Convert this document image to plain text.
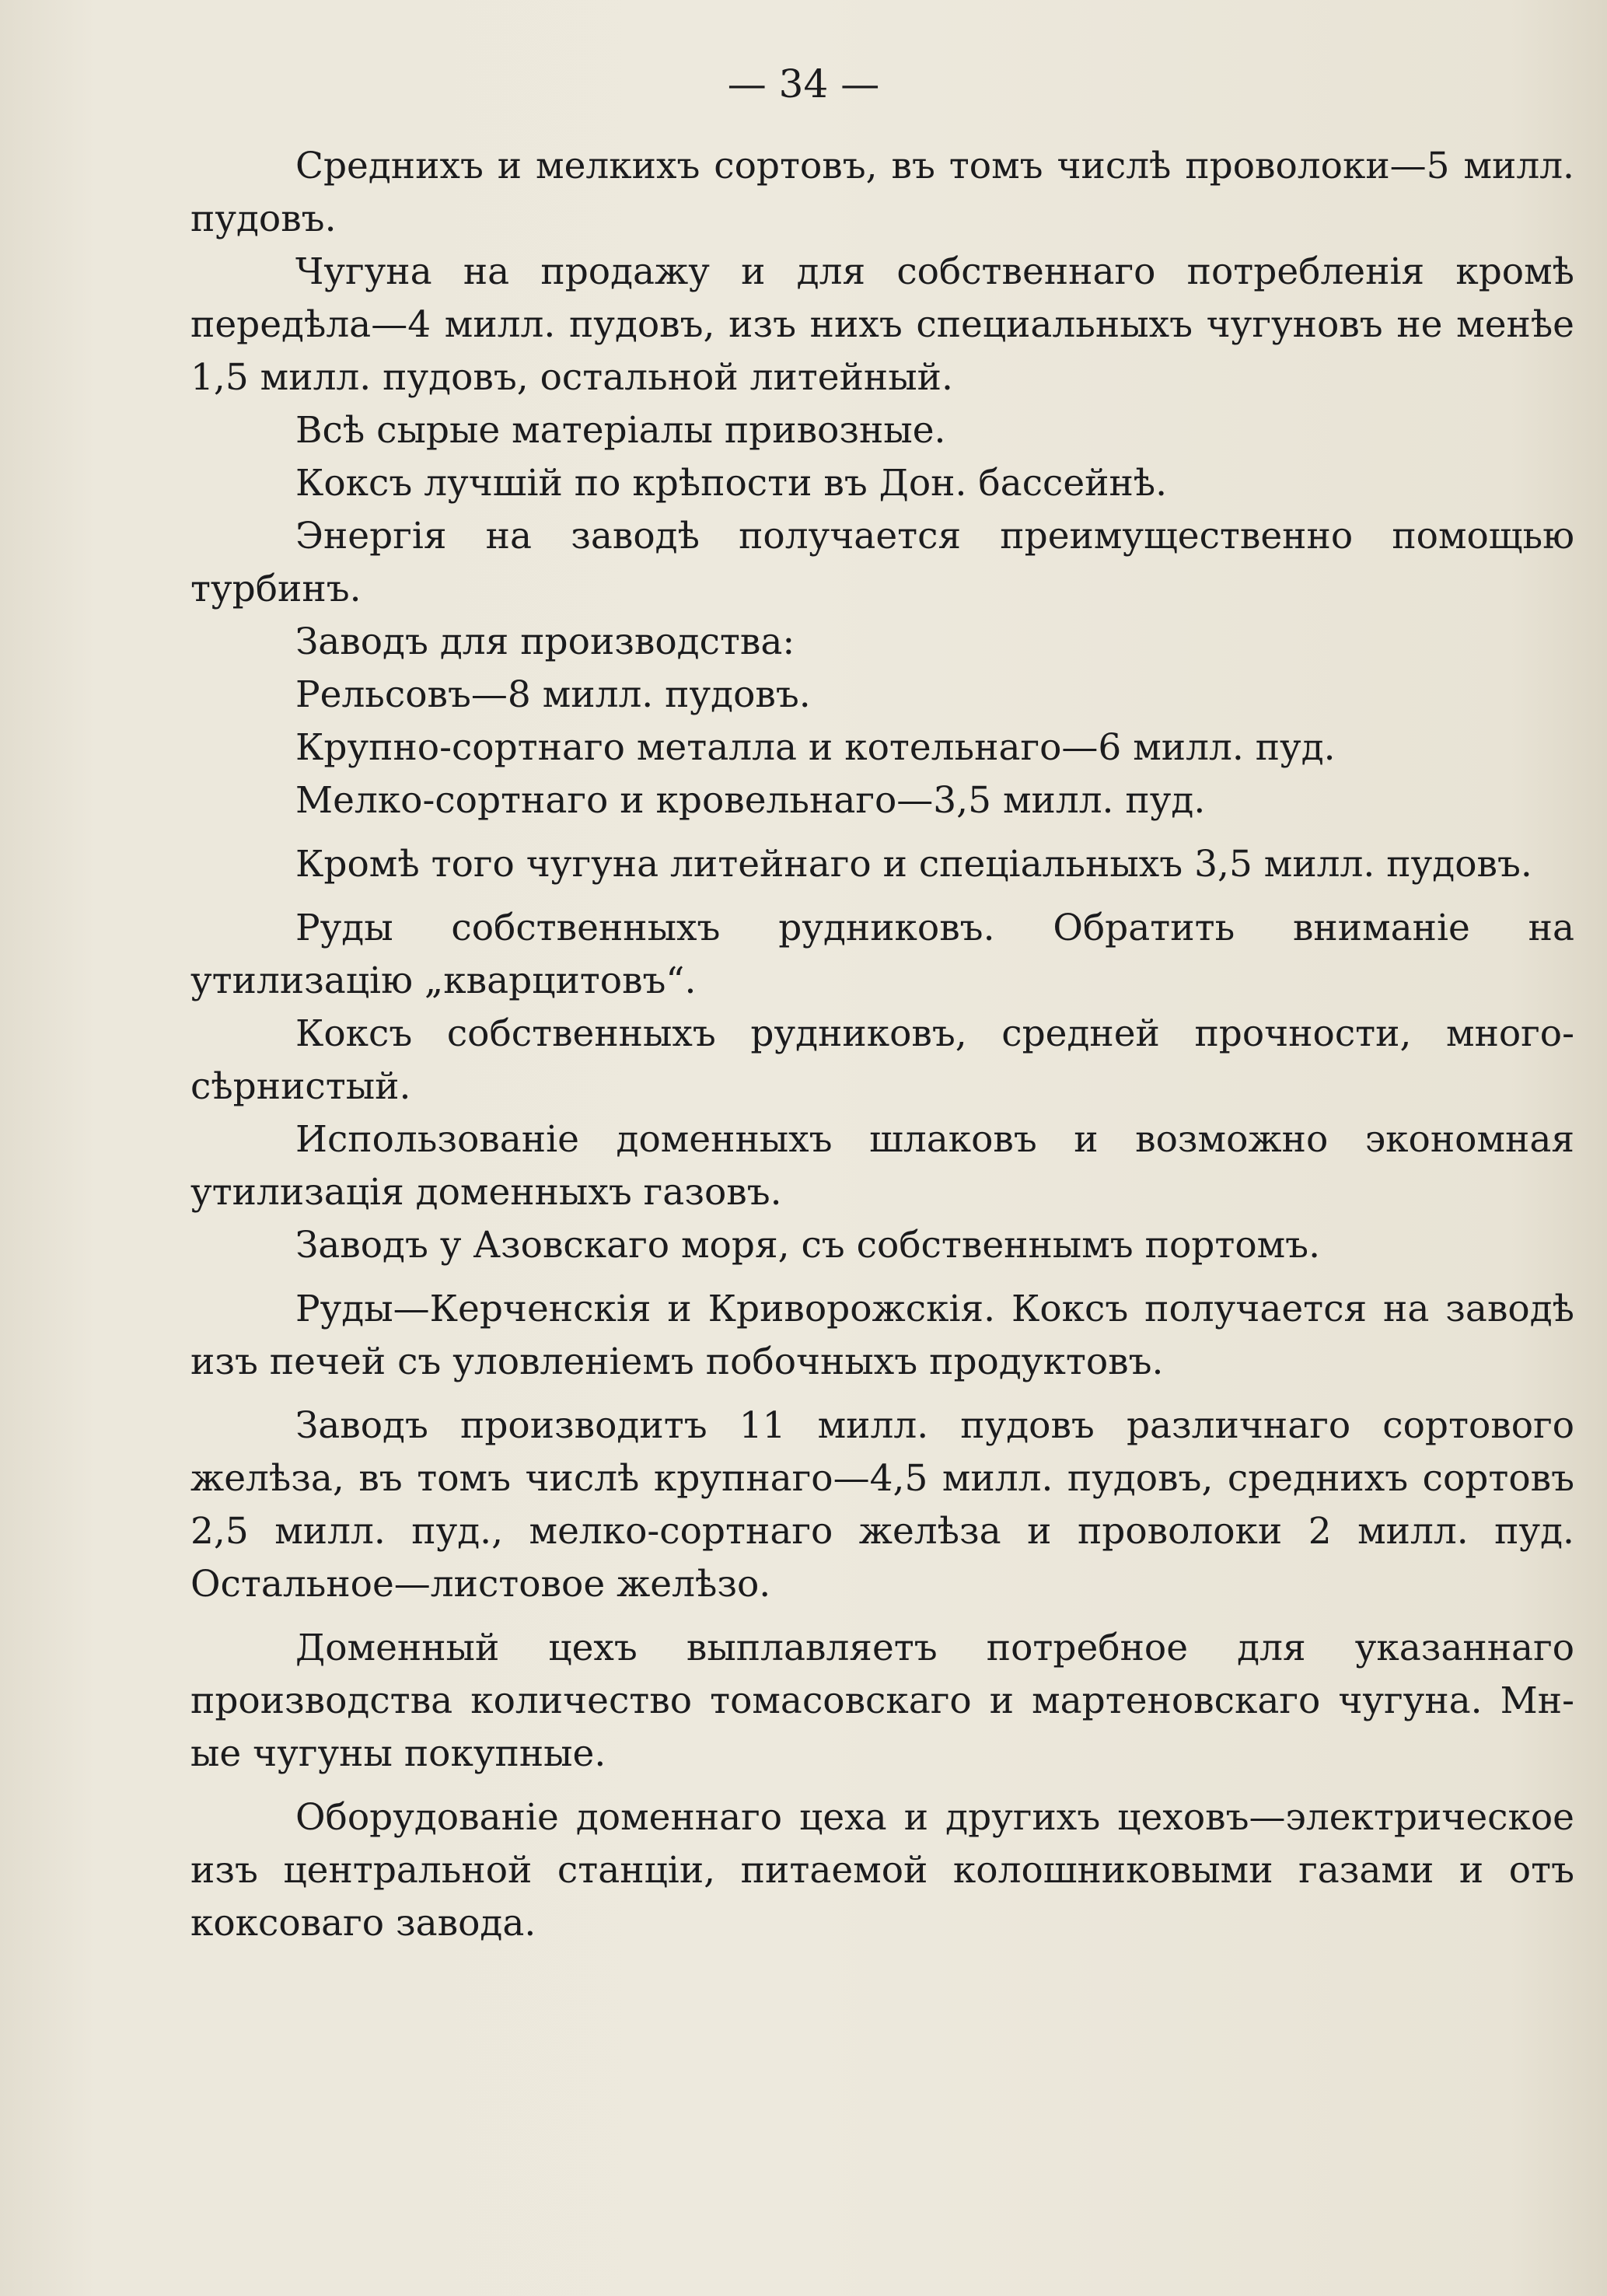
— 34 —

Среднихъ и мелкихъ сортовъ, въ томъ числѣ проволоки—5 милл. пудовъ.

Чугуна на продажу и для собственнаго потребленія кромѣ передѣла—4 милл. пудовъ, изъ нихъ специальныхъ чугуновъ не менѣе 1,5 милл. пудовъ, остальной литейный.

Всѣ сырые матеріалы привозные.

Коксъ лучшій по крѣпости въ Дон. бассейнѣ.

Энергія на заводѣ получается преимущественно помощью турбинъ.

Заводъ для производства:

Рельсовъ—8 милл. пудовъ.

Крупно-сортнаго металла и котельнаго—6 милл. пуд.

Мелко-сортнаго и кровельнаго—3,5 милл. пуд.

Кромѣ того чугуна литейнаго и спеціальныхъ 3,5 милл. пудовъ.

Руды собственныхъ рудниковъ. Обратить вниманіе на утилизацію „кварцитовъ“.

Коксъ собственныхъ рудниковъ, средней прочности, много-сѣрнистый.

Использованіе доменныхъ шлаковъ и возможно экономная утилизація доменныхъ газовъ.

Заводъ у Азовскаго моря, съ собственнымъ портомъ.

Руды—Керченскія и Криворожскія. Коксъ получается на заводѣ изъ печей съ уловленіемъ побочныхъ продуктовъ.

Заводъ производитъ 11 милл. пудовъ различнаго сортового желѣза, въ томъ числѣ крупнаго—4,5 милл. пудовъ, среднихъ сортовъ 2,5 милл. пуд., мелко-сортнаго желѣза и проволоки 2 милл. пуд. Остальное—листовое желѣзо.

Доменный цехъ выплавляетъ потребное для указаннаго производства количество томасовскаго и мартеновскаго чугуна. Мн-ые чугуны покупные.

Оборудованіе доменнаго цеха и другихъ цеховъ—электрическое изъ центральной станціи, питаемой колошниковыми газами и отъ коксоваго завода.
